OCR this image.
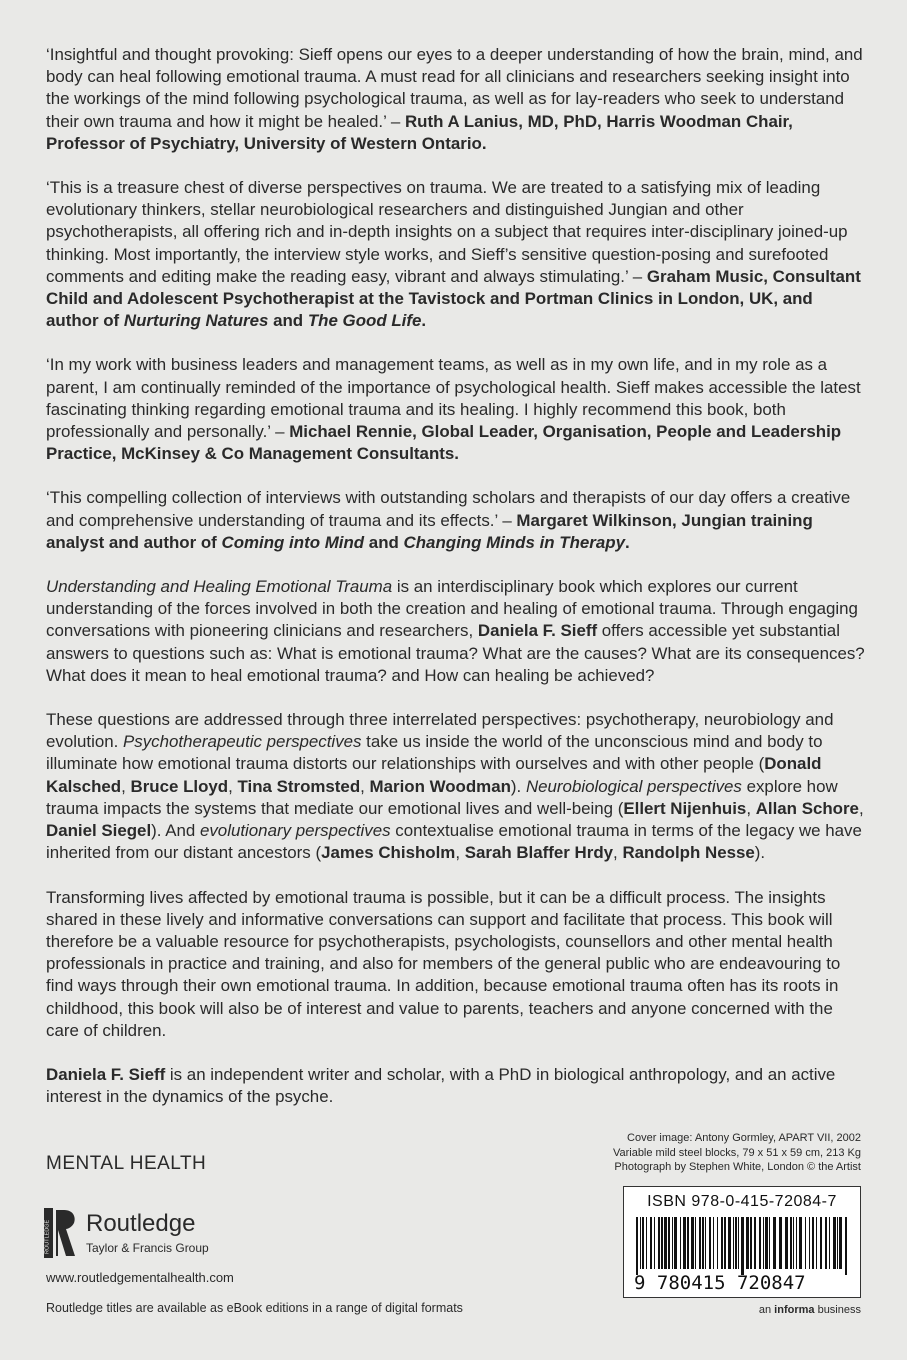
‘Insightful and thought provoking: Sieff opens our eyes to a deeper understanding of how the brain, mind, and body can heal following emotional trauma. A must read for all clinicians and researchers seeking insight into the workings of the mind following psychological trauma, as well as for lay-readers who seek to understand their own trauma and how it might be healed.’ – Ruth A Lanius, MD, PhD, Harris Woodman Chair, Professor of Psychiatry, University of Western Ontario.

‘This is a treasure chest of diverse perspectives on trauma. We are treated to a satisfying mix of leading evolutionary thinkers, stellar neurobiological researchers and distinguished Jungian and other psychotherapists, all offering rich and in-depth insights on a subject that requires inter-disciplinary joined-up thinking. Most importantly, the interview style works, and Sieff’s sensitive question-posing and surefooted comments and editing make the reading easy, vibrant and always stimulating.’ – Graham Music, Consultant Child and Adolescent Psychotherapist at the Tavistock and Portman Clinics in London, UK, and author of Nurturing Natures and The Good Life.

‘In my work with business leaders and management teams, as well as in my own life, and in my role as a parent, I am continually reminded of the importance of psychological health. Sieff makes accessible the latest fascinating thinking regarding emotional trauma and its healing. I highly recommend this book, both professionally and personally.’ – Michael Rennie, Global Leader, Organisation, People and Leadership Practice, McKinsey & Co Management Consultants.

‘This compelling collection of interviews with outstanding scholars and therapists of our day offers a creative and comprehensive understanding of trauma and its effects.’ – Margaret Wilkinson, Jungian training analyst and author of Coming into Mind and Changing Minds in Therapy.

Understanding and Healing Emotional Trauma is an interdisciplinary book which explores our current understanding of the forces involved in both the creation and healing of emotional trauma. Through engaging conversations with pioneering clinicians and researchers, Daniela F. Sieff offers accessible yet substantial answers to questions such as: What is emotional trauma? What are the causes? What are its consequences? What does it mean to heal emotional trauma? and How can healing be achieved?

These questions are addressed through three interrelated perspectives: psychotherapy, neurobiology and evolution. Psychotherapeutic perspectives take us inside the world of the unconscious mind and body to illuminate how emotional trauma distorts our relationships with ourselves and with other people (Donald Kalsched, Bruce Lloyd, Tina Stromsted, Marion Woodman). Neurobiological perspectives explore how trauma impacts the systems that mediate our emotional lives and well-being (Ellert Nijenhuis, Allan Schore, Daniel Siegel). And evolutionary perspectives contextualise emotional trauma in terms of the legacy we have inherited from our distant ancestors (James Chisholm, Sarah Blaffer Hrdy, Randolph Nesse).

Transforming lives affected by emotional trauma is possible, but it can be a difficult process. The insights shared in these lively and informative conversations can support and facilitate that process. This book will therefore be a valuable resource for psychotherapists, psychologists, counsellors and other mental health professionals in practice and training, and also for members of the general public who are endeavouring to find ways through their own emotional trauma. In addition, because emotional trauma often has its roots in childhood, this book will also be of interest and value to parents, teachers and anyone concerned with the care of children.

Daniela F. Sieff is an independent writer and scholar, with a PhD in biological anthropology, and an active interest in the dynamics of the psyche.

MENTAL HEALTH
Cover image: Antony Gormley, APART VII, 2002
Variable mild steel blocks, 79 x 51 x 59 cm, 213 Kg
Photograph by Stephen White, London © the Artist
ROUTLEDGE Routledge
Taylor & Francis Group
www.routledgementalhealth.com
Routledge titles are available as eBook editions in a range of digital formats
ISBN 978-0-415-72084-7
9 780415 720847
an informa business
